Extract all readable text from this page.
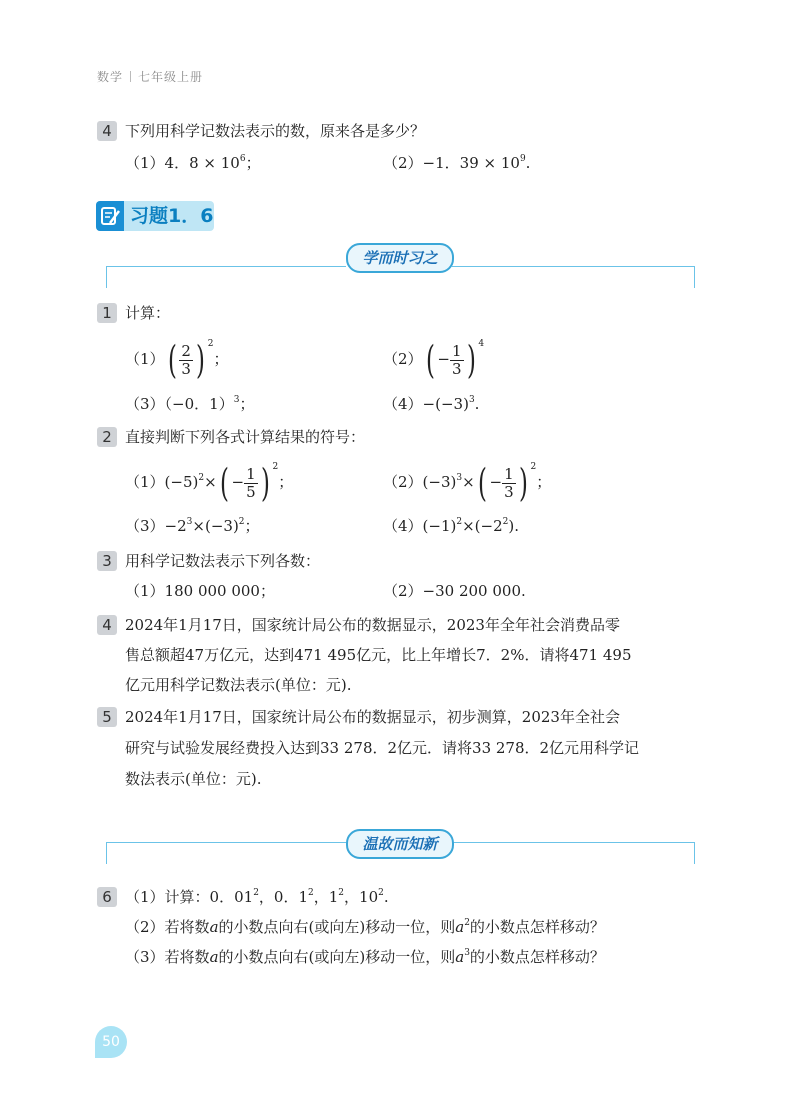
数学 七年级上册
4 下列用科学记数法表示的数，原来各是多少？
（1）4．$8 \times 10^6$；	（2）−1．$39 \times 10^9$.
习题1．6
学而时习之
1 计算：
$(1)( \frac{2}{3}$ ) $^2$；	$(2)( - \frac{1}{3}$ ) $^4$
（3）（−0．1）$^3$；	$(4)-(-3)^3$.
2 直接判断下列各式计算结果的符号：
$(1)(-5)^2\times( - \frac{1}{5}$ ) $^2$；	$(2)(-3)^3\times( - \frac{1}{3}$ ) $^2$；
$(3)-2^3\times(-3)^2$；	$(4)(-1)^2\times(-2^2)$.
3 用科学记数法表示下列各数：
（1）180 000 000；	（2）−30 200 000.
4 2024年1月17日，国家统计局公布的数据显示，2023年全年社会消费品零
售总额超47万亿元，达到471 495亿元，比上年增长7．2%．请将471 495
亿元用科学记数法表示(单位：元).
5 2024年1月17日，国家统计局公布的数据显示，初步测算，2023年全社会
研究与试验发展经费投入达到33 278．2亿元．请将33 278．2亿元用科学记
数法表示(单位：元).
温故而知新
6 （1）计算：0．$01^2$，0．$1^2$，$1^2$，$10^2$.
（2）若将数a的小数点向右(或向左)移动一位，则$a^2$的小数点怎样移动？
（3）若将数a的小数点向右(或向左)移动一位，则$a^3$的小数点怎样移动？
50
